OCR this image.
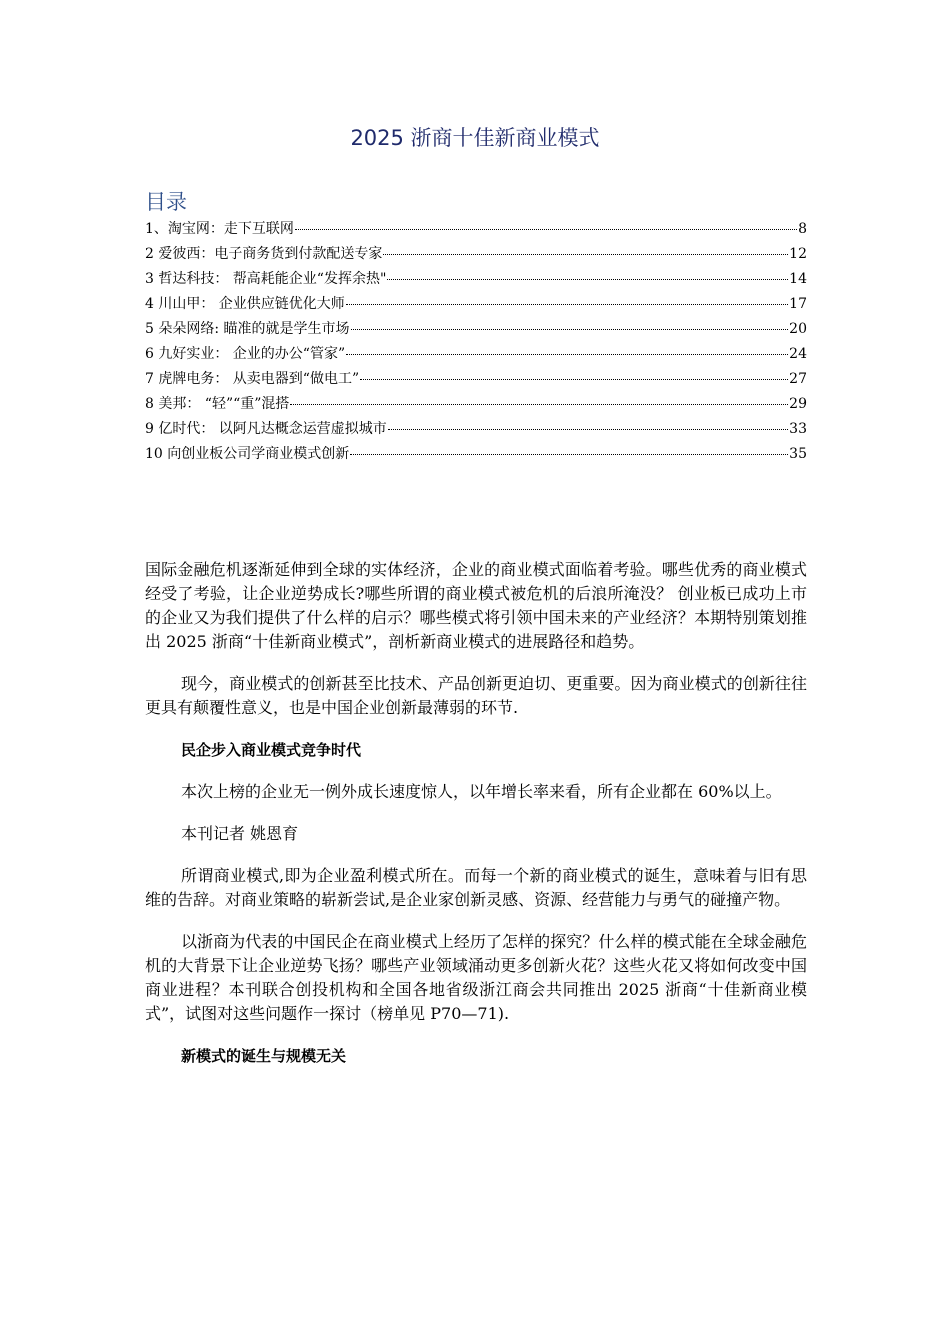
2025 浙商十佳新商业模式
目录
1、淘宝网：走下互联网	8
2 爱彼西：电子商务货到付款配送专家	12
3 哲达科技： 帮高耗能企业“发挥余热"	14
4 川山甲： 企业供应链优化大师	17
5 朵朵网络: 瞄准的就是学生市场	20
6 九好实业： 企业的办公“管家”	24
7 虎牌电务： 从卖电器到“做电工”	27
8 美邦： “轻”“重”混搭	29
9 亿时代： 以阿凡达概念运营虚拟城市	33
10 向创业板公司学商业模式创新	35

国际金融危机逐渐延伸到全球的实体经济，企业的商业模式面临着考验。哪些优秀的商业模式经受了考验，让企业逆势成长?哪些所谓的商业模式被危机的后浪所淹没？ 创业板已成功上市的企业又为我们提供了什么样的启示？哪些模式将引领中国未来的产业经济？本期特别策划推出 2025 浙商“十佳新商业模式”，剖析新商业模式的进展路径和趋势。

现今，商业模式的创新甚至比技术、产品创新更迫切、更重要。因为商业模式的创新往往更具有颠覆性意义，也是中国企业创新最薄弱的环节.

民企步入商业模式竞争时代

本次上榜的企业无一例外成长速度惊人，以年增长率来看，所有企业都在 60%以上。

本刊记者 姚恩育

所谓商业模式,即为企业盈利模式所在。而每一个新的商业模式的诞生，意味着与旧有思维的告辞。对商业策略的崭新尝试,是企业家创新灵感、资源、经营能力与勇气的碰撞产物。

以浙商为代表的中国民企在商业模式上经历了怎样的探究？什么样的模式能在全球金融危机的大背景下让企业逆势飞扬？哪些产业领域涌动更多创新火花？这些火花又将如何改变中国商业进程？本刊联合创投机构和全国各地省级浙江商会共同推出 2025 浙商“十佳新商业模式”，试图对这些问题作一探讨（榜单见 P70—71).

新模式的诞生与规模无关
